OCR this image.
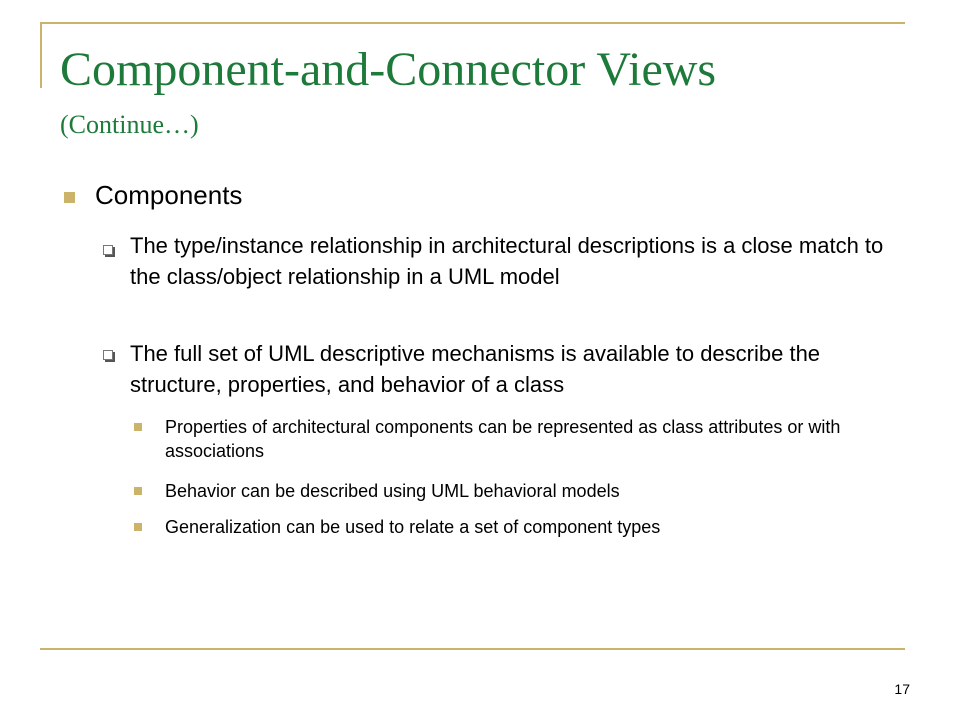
Component-and-Connector Views
(Continue…)

Components

The type/instance relationship in architectural descriptions is a close match to the class/object relationship in a UML model

The full set of UML descriptive mechanisms is available to describe the structure, properties, and behavior of a class

Properties of architectural components can be represented as class attributes or with associations

Behavior can be described using UML behavioral models

Generalization can be used to relate a set of component types

17
